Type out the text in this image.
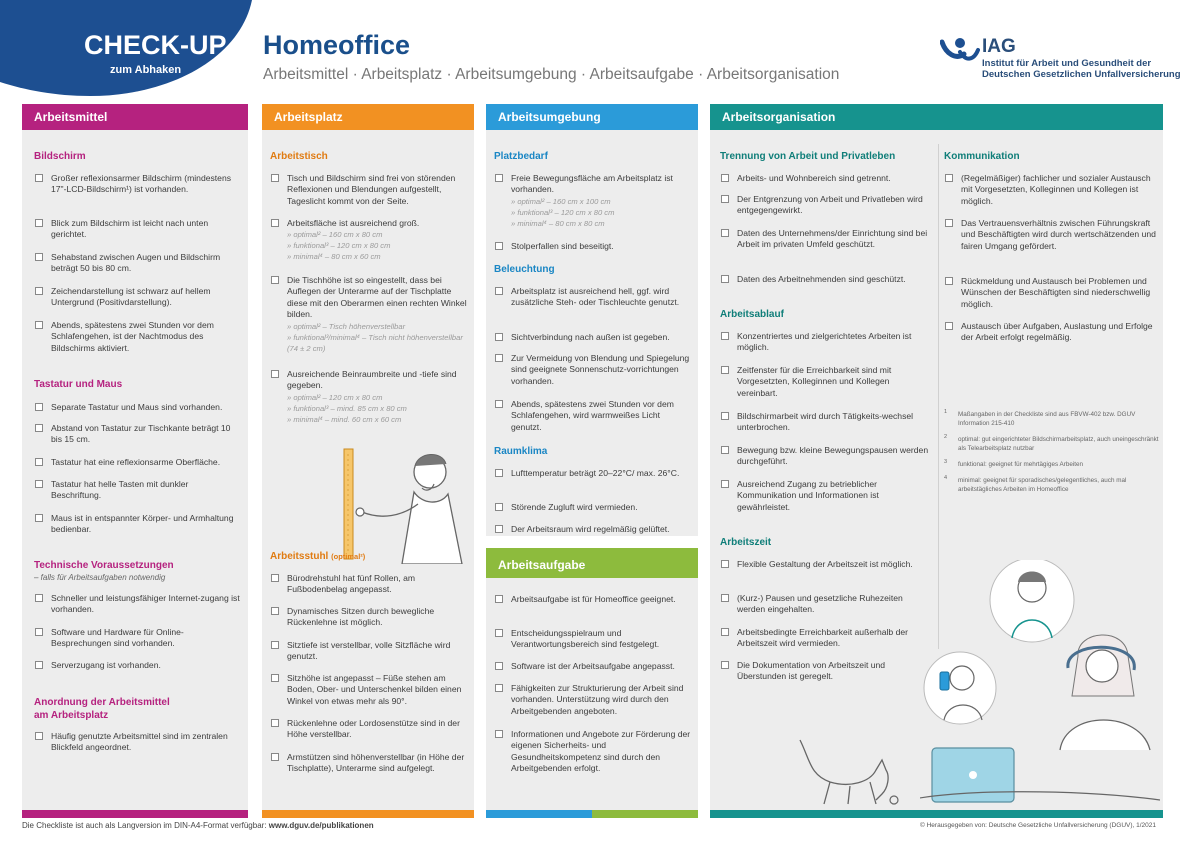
CHECK-UP
zum Abhaken ✓
Homeoffice
Arbeitsmittel · Arbeitsplatz · Arbeitsumgebung · Arbeitsaufgabe · Arbeitsorganisation
IAG
Institut für Arbeit und Gesundheit der
Deutschen Gesetzlichen Unfallversicherung
Arbeitsmittel
Bildschirm
Großer reflexionsarmer Bildschirm (mindestens 17"-LCD-Bildschirm¹) ist vorhanden.
Blick zum Bildschirm ist leicht nach unten gerichtet.
Sehabstand zwischen Augen und Bildschirm beträgt 50 bis 80 cm.
Zeichendarstellung ist schwarz auf hellem Untergrund (Positivdarstellung).
Abends, spätestens zwei Stunden vor dem Schlafengehen, ist der Nachtmodus des Bildschirms aktiviert.
Tastatur und Maus
Separate Tastatur und Maus sind vorhanden.
Abstand von Tastatur zur Tischkante beträgt 10 bis 15 cm.
Tastatur hat eine reflexionsarme Oberfläche.
Tastatur hat helle Tasten mit dunkler Beschriftung.
Maus ist in entspannter Körper- und Armhaltung bedienbar.
Technische Voraussetzungen
– falls für Arbeitsaufgaben notwendig
Schneller und leistungsfähiger Internet-zugang ist vorhanden.
Software und Hardware für Online-Besprechungen sind vorhanden.
Serverzugang ist vorhanden.
Anordnung der Arbeitsmittel
am Arbeitsplatz
Häufig genutzte Arbeitsmittel sind im zentralen Blickfeld angeordnet.
Arbeitsplatz
Arbeitstisch
Tisch und Bildschirm sind frei von störenden Reflexionen und Blendungen aufgestellt, Tageslicht kommt von der Seite.
Arbeitsfläche ist ausreichend groß.
» optimal² – 160 cm x 80 cm
» funktional³ – 120 cm x 80 cm
» minimal⁴ – 80 cm x 60 cm
Die Tischhöhe ist so eingestellt, dass bei Auflegen der Unterarme auf der Tischplatte diese mit den Oberarmen einen rechten Winkel bilden.
» optimal² – Tisch höhenverstellbar
» funktional³/minimal⁴ – Tisch nicht höhenverstellbar (74 ± 2 cm)
Ausreichende Beinraumbreite und -tiefe sind gegeben.
» optimal² – 120 cm x 80 cm
» funktional³ – mind. 85 cm x 80 cm
» minimal⁴ – mind. 60 cm x 60 cm
Arbeitsstuhl (optimal²)
Bürodrehstuhl hat fünf Rollen, am Fußbodenbelag angepasst.
Dynamisches Sitzen durch bewegliche Rückenlehne ist möglich.
Sitztiefe ist verstellbar, volle Sitzfläche wird genutzt.
Sitzhöhe ist angepasst – Füße stehen am Boden, Ober- und Unterschenkel bilden einen Winkel von etwas mehr als 90°.
Rückenlehne oder Lordosenstütze sind in der Höhe verstellbar.
Armstützen sind höhenverstellbar (in Höhe der Tischplatte), Unterarme sind aufgelegt.
Arbeitsumgebung
Platzbedarf
Freie Bewegungsfläche am Arbeitsplatz ist vorhanden.
» optimal² – 160 cm x 100 cm
» funktional³ – 120 cm x 80 cm
» minimal⁴ – 80 cm x 80 cm
Stolperfallen sind beseitigt.
Beleuchtung
Arbeitsplatz ist ausreichend hell, ggf. wird zusätzliche Steh- oder Tischleuchte genutzt.
Sichtverbindung nach außen ist gegeben.
Zur Vermeidung von Blendung und Spiegelung sind geeignete Sonnenschutz-vorrichtungen vorhanden.
Abends, spätestens zwei Stunden vor dem Schlafengehen, wird warmweißes Licht genutzt.
Raumklima
Lufttemperatur beträgt 20–22°C/ max. 26°C.
Störende Zugluft wird vermieden.
Der Arbeitsraum wird regelmäßig gelüftet.
Arbeitsaufgabe
Arbeitsaufgabe ist für Homeoffice geeignet.
Entscheidungsspielraum und Verantwortungsbereich sind festgelegt.
Software ist der Arbeitsaufgabe angepasst.
Fähigkeiten zur Strukturierung der Arbeit sind vorhanden. Unterstützung wird durch den Arbeitgebenden angeboten.
Informationen und Angebote zur Förderung der eigenen Sicherheits- und Gesundheitskompetenz sind durch den Arbeitgebenden erfolgt.
Arbeitsorganisation
Trennung von Arbeit und Privatleben
Arbeits- und Wohnbereich sind getrennt.
Der Entgrenzung von Arbeit und Privatleben wird entgegengewirkt.
Daten des Unternehmens/der Einrichtung sind bei Arbeit im privaten Umfeld geschützt.
Daten des Arbeitnehmenden sind geschützt.
Arbeitsablauf
Konzentriertes und zielgerichtetes Arbeiten ist möglich.
Zeitfenster für die Erreichbarkeit sind mit Vorgesetzten, Kolleginnen und Kollegen vereinbart.
Bildschirmarbeit wird durch Tätigkeits-wechsel unterbrochen.
Bewegung bzw. kleine Bewegungspausen werden durchgeführt.
Ausreichend Zugang zu betrieblicher Kommunikation und Informationen ist gewährleistet.
Arbeitszeit
Flexible Gestaltung der Arbeitszeit ist möglich.
(Kurz-) Pausen und gesetzliche Ruhezeiten werden eingehalten.
Arbeitsbedingte Erreichbarkeit außerhalb der Arbeitszeit wird vermieden.
Die Dokumentation von Arbeitszeit und Überstunden ist geregelt.
Kommunikation
(Regelmäßiger) fachlicher und sozialer Austausch mit Vorgesetzten, Kolleginnen und Kollegen ist möglich.
Das Vertrauensverhältnis zwischen Führungskraft und Beschäftigten wird durch wertschätzenden und fairen Umgang gefördert.
Rückmeldung und Austausch bei Problemen und Wünschen der Beschäftigten sind niederschwellig möglich.
Austausch über Aufgaben, Auslastung und Erfolge der Arbeit erfolgt regelmäßig.
1 Maßangaben in der Checkliste sind aus FBVW-402 bzw. DGUV Information 215-410
2 optimal: gut eingerichteter Bildschirmarbeitsplatz, auch uneingeschränkt als Telearbeitsplatz nutzbar
3 funktional: geeignet für mehrtägiges Arbeiten
4 minimal: geeignet für sporadisches/gelegentliches, auch mal arbeitstägliches Arbeiten im Homeoffice
Die Checkliste ist auch als Langversion im DIN-A4-Format verfügbar: www.dguv.de/publikationen	© Herausgegeben von: Deutsche Gesetzliche Unfallversicherung (DGUV), 1/2021
